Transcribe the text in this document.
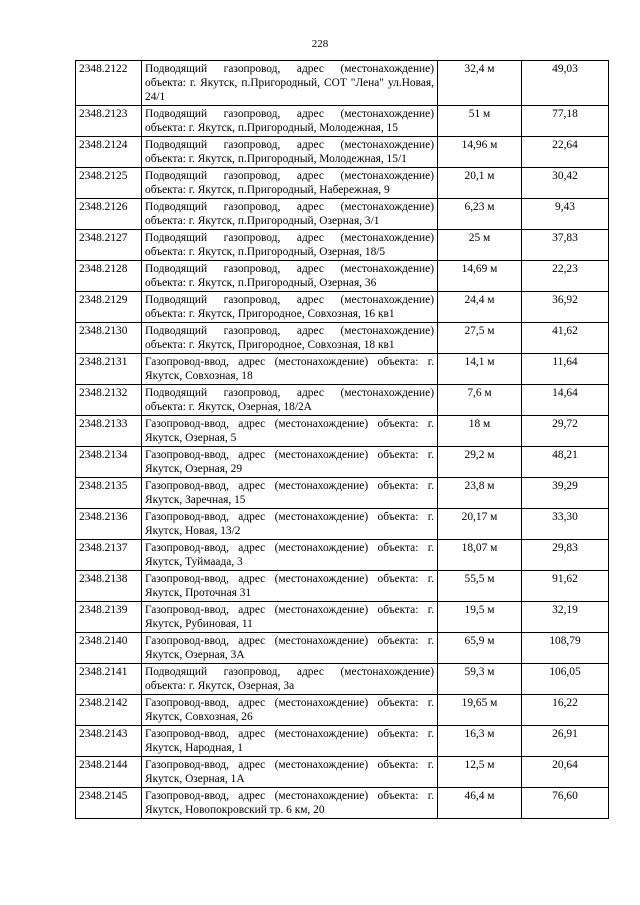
228
2348.2122	Подводящий газопровод, адрес (местонахождение) объекта: г. Якутск, п.Пригородный, СОТ "Лена" ул.Новая, 24/1	32,4 м	49,03
2348.2123	Подводящий газопровод, адрес (местонахождение) объекта: г. Якутск, п.Пригородный, Молодежная, 15	51 м	77,18
2348.2124	Подводящий газопровод, адрес (местонахождение) объекта: г. Якутск, п.Пригородный, Молодежная, 15/1	14,96 м	22,64
2348.2125	Подводящий газопровод, адрес (местонахождение) объекта: г. Якутск, п.Пригородный, Набережная, 9	20,1 м	30,42
2348.2126	Подводящий газопровод, адрес (местонахождение) объекта: г. Якутск, п.Пригородный, Озерная, 3/1	6,23 м	9,43
2348.2127	Подводящий газопровод, адрес (местонахождение) объекта: г. Якутск, п.Пригородный, Озерная, 18/5	25 м	37,83
2348.2128	Подводящий газопровод, адрес (местонахождение) объекта: г. Якутск, п.Пригородный, Озерная, 36	14,69 м	22,23
2348.2129	Подводящий газопровод, адрес (местонахождение) объекта: г. Якутск, Пригородное, Совхозная, 16 кв1	24,4 м	36,92
2348.2130	Подводящий газопровод, адрес (местонахождение) объекта: г. Якутск, Пригородное, Совхозная, 18 кв1	27,5 м	41,62
2348.2131	Газопровод-ввод, адрес (местонахождение) объекта: г. Якутск, Совхозная, 18	14,1 м	11,64
2348.2132	Подводящий газопровод, адрес (местонахождение) объекта: г. Якутск, Озерная, 18/2А	7,6 м	14,64
2348.2133	Газопровод-ввод, адрес (местонахождение) объекта: г. Якутск, Озерная, 5	18 м	29,72
2348.2134	Газопровод-ввод, адрес (местонахождение) объекта: г. Якутск, Озерная, 29	29,2 м	48,21
2348.2135	Газопровод-ввод, адрес (местонахождение) объекта: г. Якутск, Заречная, 15	23,8 м	39,29
2348.2136	Газопровод-ввод, адрес (местонахождение) объекта: г. Якутск, Новая, 13/2	20,17 м	33,30
2348.2137	Газопровод-ввод, адрес (местонахождение) объекта: г. Якутск, Туймаада, 3	18,07 м	29,83
2348.2138	Газопровод-ввод, адрес (местонахождение) объекта: г. Якутск, Проточная 31	55,5 м	91,62
2348.2139	Газопровод-ввод, адрес (местонахождение) объекта: г. Якутск, Рубиновая, 11	19,5 м	32,19
2348.2140	Газопровод-ввод, адрес (местонахождение) объекта: г. Якутск, Озерная, 3А	65,9 м	108,79
2348.2141	Подводящий газопровод, адрес (местонахождение) объекта: г. Якутск, Озерная, 3а	59,3 м	106,05
2348.2142	Газопровод-ввод, адрес (местонахождение) объекта: г. Якутск, Совхозная, 26	19,65 м	16,22
2348.2143	Газопровод-ввод, адрес (местонахождение) объекта: г. Якутск, Народная, 1	16,3 м	26,91
2348.2144	Газопровод-ввод, адрес (местонахождение) объекта: г. Якутск, Озерная, 1А	12,5 м	20,64
2348.2145	Газопровод-ввод, адрес (местонахождение) объекта: г. Якутск, Новопокровский тр. 6 км, 20	46,4 м	76,60
